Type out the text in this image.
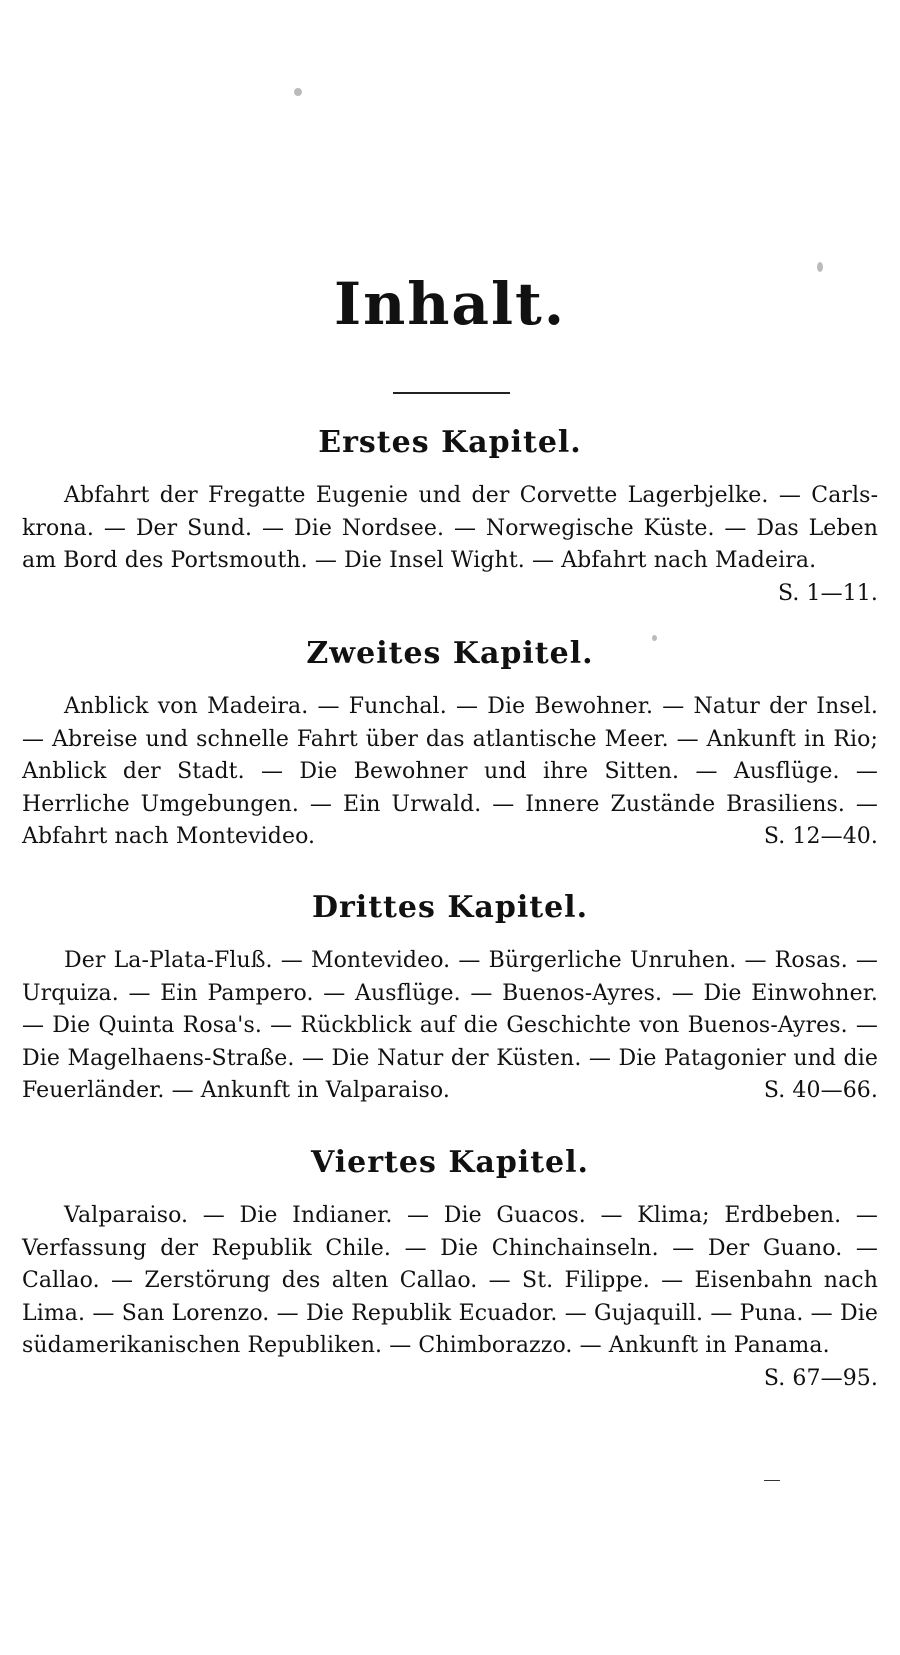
Inhalt.
Erstes Kapitel.
Abfahrt der Fregatte Eugenie und der Corvette Lagerbjelke. — Carlskrona. — Der Sund. — Die Nordsee. — Norwegische Küste. — Das Leben am Bord des Portsmouth. — Die Insel Wight. — Abfahrt nach Madeira.
S. 1—11.
Zweites Kapitel.
Anblick von Madeira. — Funchal. — Die Bewohner. — Natur der Insel. — Abreise und schnelle Fahrt über das atlantische Meer. — Ankunft in Rio; Anblick der Stadt. — Die Bewohner und ihre Sitten. — Ausflüge. — Herrliche Umgebungen. — Ein Urwald. — Innere Zustände Brasiliens. — Abfahrt nach Montevideo.	S. 12—40.
Drittes Kapitel.
Der La-Plata-Fluß. — Montevideo. — Bürgerliche Unruhen. — Rosas. — Urquiza. — Ein Pampero. — Ausflüge. — Buenos-Ayres. — Die Einwohner. — Die Quinta Rosa's. — Rückblick auf die Geschichte von Buenos-Ayres. — Die Magelhaens-Straße. — Die Natur der Küsten. — Die Patagonier und die Feuerländer. — Ankunft in Valparaiso.	S. 40—66.
Viertes Kapitel.
Valparaiso. — Die Indianer. — Die Guacos. — Klima; Erdbeben. — Verfassung der Republik Chile. — Die Chinchainseln. — Der Guano. — Callao. — Zerstörung des alten Callao. — St. Filippe. — Eisenbahn nach Lima. — San Lorenzo. — Die Republik Ecuador. — Gujaquill. — Puna. — Die südamerikanischen Republiken. — Chimborazzo. — Ankunft in Panama.
S. 67—95.
